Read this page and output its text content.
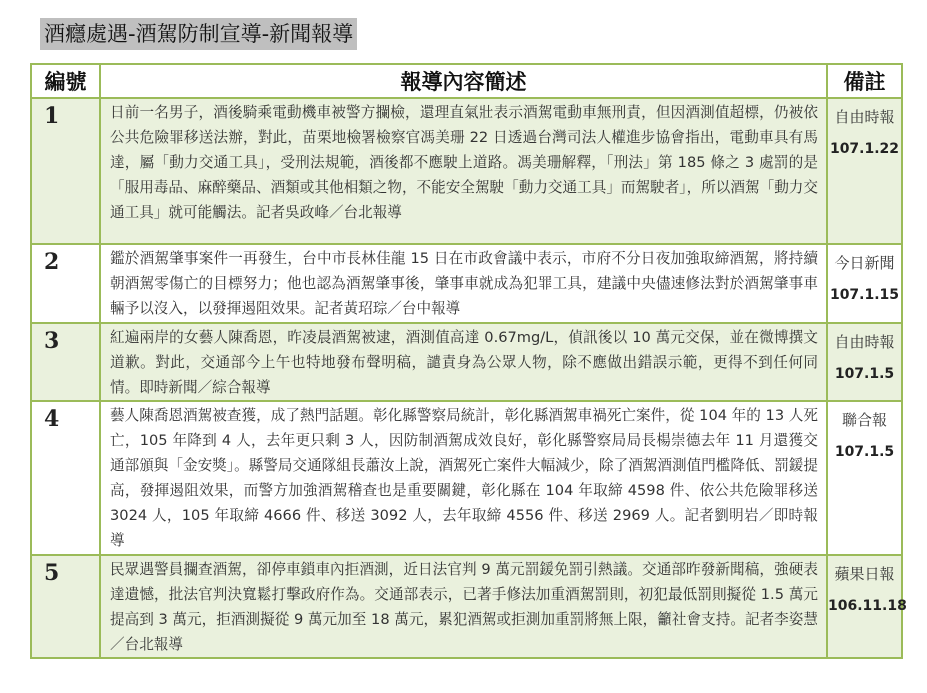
酒癮處遇-酒駕防制宣導-新聞報導
編號	報導內容簡述	備註
1	日前一名男子，酒後騎乘電動機車被警方攔檢，還理直氣壯表示酒駕電動車無刑責，但因酒測值超標，仍被依公共危險罪移送法辦，對此，苗栗地檢署檢察官馮美珊 22 日透過台灣司法人權進步協會指出，電動車具有馬達，屬「動力交通工具」，受刑法規範，酒後都不應駛上道路。馮美珊解釋，「刑法」第 185 條之 3 處罰的是「服用毒品、麻醉藥品、酒類或其他相類之物，不能安全駕駛「動力交通工具」而駕駛者」，所以酒駕「動力交通工具」就可能觸法。記者吳政峰／台北報導	自由時報
107.1.22

2	鑑於酒駕肇事案件一再發生，台中市長林佳龍 15 日在市政會議中表示，市府不分日夜加強取締酒駕，將持續朝酒駕零傷亡的目標努力；他也認為酒駕肇事後，肇事車就成為犯罪工具，建議中央儘速修法對於酒駕肇事車輛予以沒入，以發揮遏阻效果。記者黃玿琮／台中報導	今日新聞
107.1.15

3	紅遍兩岸的女藝人陳喬恩，昨凌晨酒駕被逮，酒測值高達 0.67mg/L，偵訊後以 10 萬元交保，並在微博撰文道歉。對此，交通部今上午也特地發布聲明稿，譴責身為公眾人物，除不應做出錯誤示範，更得不到任何同情。即時新聞／綜合報導	自由時報
107.1.5

4	藝人陳喬恩酒駕被查獲，成了熱門話題。彰化縣警察局統計，彰化縣酒駕車禍死亡案件，從 104 年的 13 人死亡，105 年降到 4 人，去年更只剩 3 人，因防制酒駕成效良好，彰化縣警察局局長楊崇德去年 11 月還獲交通部頒與「金安獎」。縣警局交通隊組長蕭汝上說，酒駕死亡案件大幅減少，除了酒駕酒測值門檻降低、罰鍰提高，發揮遏阻效果，而警方加強酒駕稽查也是重要關鍵，彰化縣在 104 年取締 4598 件、依公共危險罪移送 3024 人，105 年取締 4666 件、移送 3092 人，去年取締 4556 件、移送 2969 人。記者劉明岩／即時報導	聯合報
107.1.5

5	民眾遇警員攔查酒駕，卻停車鎖車內拒酒測，近日法官判 9 萬元罰鍰免罰引熱議。交通部昨發新聞稿，強硬表達遺憾，批法官判決寬鬆打擊政府作為。交通部表示，已著手修法加重酒駕罰則，初犯最低罰則擬從 1.5 萬元提高到 3 萬元，拒酒測擬從 9 萬元加至 18 萬元，累犯酒駕或拒測加重罰將無上限，籲社會支持。記者李姿慧／台北報導	蘋果日報
106.11.18
